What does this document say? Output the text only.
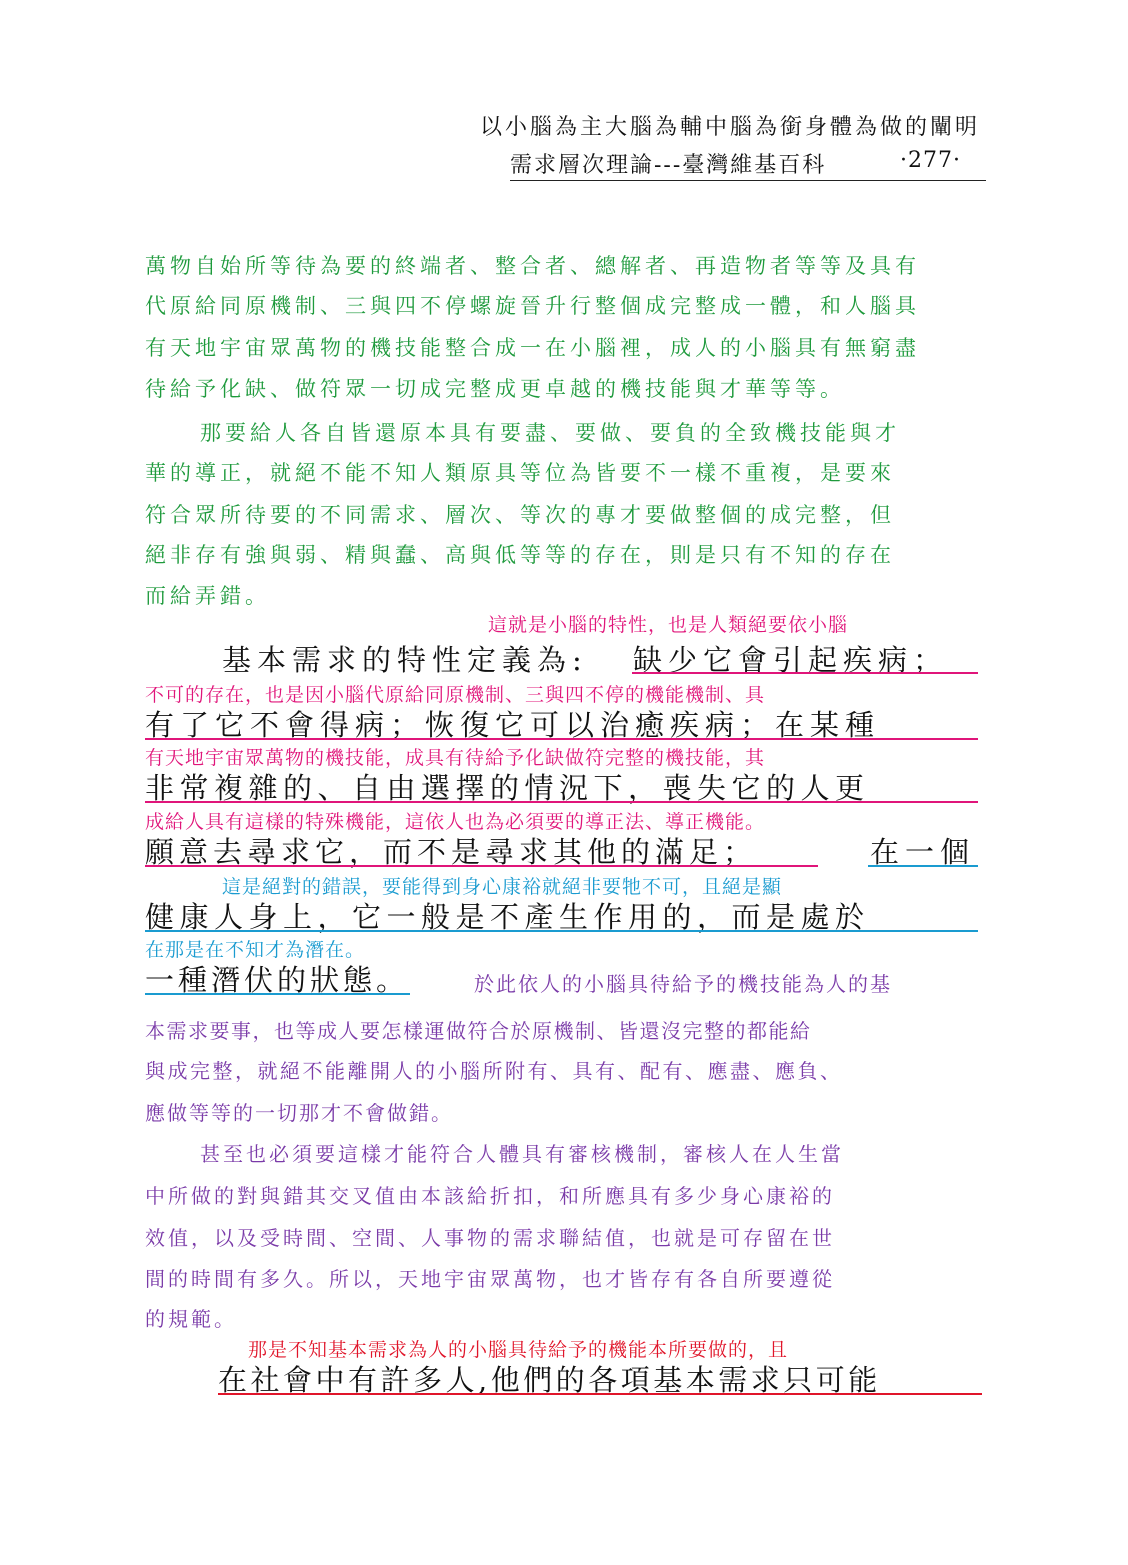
以小腦為主大腦為輔中腦為銜身體為做的闡明
需求層次理論---臺灣維基百科	·277·
萬物自始所等待為要的終端者、整合者、總解者、再造物者等等及具有
代原給同原機制、三與四不停螺旋晉升行整個成完整成一體，和人腦具
有天地宇宙眾萬物的機技能整合成一在小腦裡，成人的小腦具有無窮盡
待給予化缺、做符眾一切成完整成更卓越的機技能與才華等等。
那要給人各自皆還原本具有要盡、要做、要負的全致機技能與才
華的導正，就絕不能不知人類原具等位為皆要不一樣不重複，是要來
符合眾所待要的不同需求、層次、等次的專才要做整個的成完整，但
絕非存有強與弱、精與蠢、高與低等等的存在，則是只有不知的存在
而給弄錯。
這就是小腦的特性，也是人類絕要依小腦
基本需求的特性定義為: 缺少它會引起疾病；
不可的存在，也是因小腦代原給同原機制、三與四不停的機能機制、具
有了它不會得病；恢復它可以治癒疾病；在某種
有天地宇宙眾萬物的機技能，成具有待給予化缺做符完整的機技能，其
非常複雜的、自由選擇的情況下，喪失它的人更
成給人具有這樣的特殊機能，這依人也為必須要的導正法、導正機能。
願意去尋求它，而不是尋求其他的滿足；	在一個
這是絕對的錯誤，要能得到身心康裕就絕非要牠不可，且絕是顯
健康人身上，它一般是不產生作用的，而是處於
在那是在不知才為潛在。
一種潛伏的狀態。	於此依人的小腦具待給予的機技能為人的基
本需求要事，也等成人要怎樣運做符合於原機制、皆還沒完整的都能給
與成完整，就絕不能離開人的小腦所附有、具有、配有、應盡、應負、
應做等等的一切那才不會做錯。
甚至也必須要這樣才能符合人體具有審核機制，審核人在人生當
中所做的對與錯其交叉值由本該給折扣，和所應具有多少身心康裕的
效值，以及受時間、空間、人事物的需求聯結值，也就是可存留在世
間的時間有多久。所以，天地宇宙眾萬物，也才皆存有各自所要遵從
的規範。
那是不知基本需求為人的小腦具待給予的機能本所要做的，且
在社會中有許多人,他們的各項基本需求只可能
